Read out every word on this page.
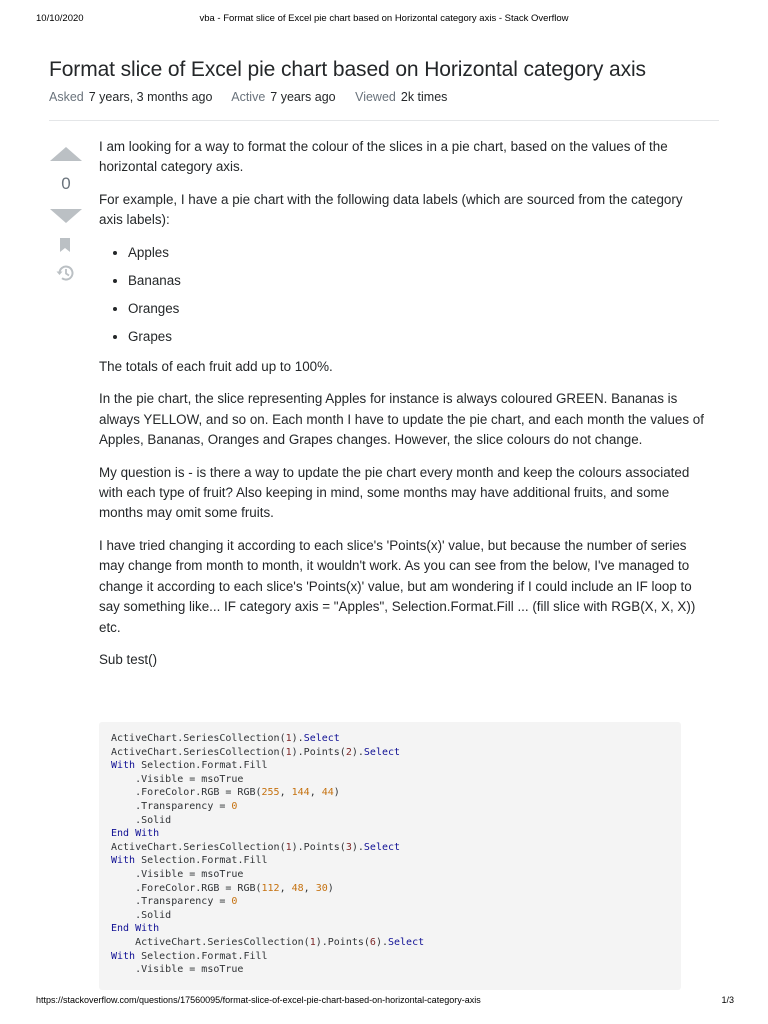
10/10/2020	vba - Format slice of Excel pie chart based on Horizontal category axis - Stack Overflow
Format slice of Excel pie chart based on Horizontal category axis
Asked 7 years, 3 months ago Active 7 years ago Viewed 2k times
0

I am looking for a way to format the colour of the slices in a pie chart, based on the values of the horizontal category axis.

For example, I have a pie chart with the following data labels (which are sourced from the category axis labels):

• Apples
• Bananas
• Oranges
• Grapes

The totals of each fruit add up to 100%.

In the pie chart, the slice representing Apples for instance is always coloured GREEN. Bananas is always YELLOW, and so on. Each month I have to update the pie chart, and each month the values of Apples, Bananas, Oranges and Grapes changes. However, the slice colours do not change.

My question is - is there a way to update the pie chart every month and keep the colours associated with each type of fruit? Also keeping in mind, some months may have additional fruits, and some months may omit some fruits.

I have tried changing it according to each slice's 'Points(x)' value, but because the number of series may change from month to month, it wouldn't work. As you can see from the below, I've managed to change it according to each slice's 'Points(x)' value, but am wondering if I could include an IF loop to say something like... IF category axis = "Apples", Selection.Format.Fill ... (fill slice with RGB(X, X, X)) etc.

Sub test()

ActiveChart.SeriesCollection(1).Select
ActiveChart.SeriesCollection(1).Points(2).Select
With Selection.Format.Fill
.Visible = msoTrue
.ForeColor.RGB = RGB(255, 144, 44)
.Transparency = 0
.Solid
End With
ActiveChart.SeriesCollection(1).Points(3).Select
With Selection.Format.Fill
.Visible = msoTrue
.ForeColor.RGB = RGB(112, 48, 30)
.Transparency = 0
.Solid
End With
ActiveChart.SeriesCollection(1).Points(6).Select
With Selection.Format.Fill
.Visible = msoTrue
https://stackoverflow.com/questions/17560095/format-slice-of-excel-pie-chart-based-on-horizontal-category-axis	1/3
